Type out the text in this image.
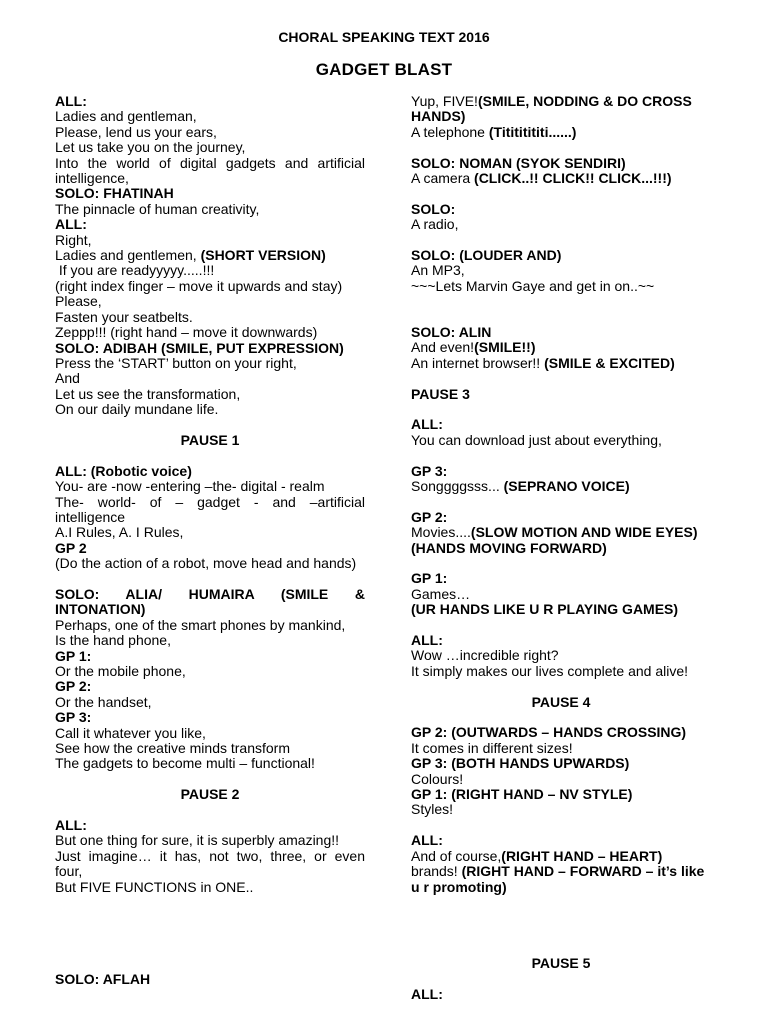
CHORAL SPEAKING TEXT 2016
GADGET BLAST
ALL:
Ladies and gentleman,
Please, lend us your ears,
Let us take you on the journey,
Into the world of digital gadgets and artificial
intelligence,
SOLO: FHATINAH
The pinnacle of human creativity,
ALL:
Right,
Ladies and gentlemen, (SHORT VERSION)
If you are readyyyyy.....!!!
(right index finger – move it upwards and stay)
Please,
Fasten your seatbelts.
Zeppp!!! (right hand – move it downwards)
SOLO: ADIBAH (SMILE, PUT EXPRESSION)
Press the ‘START’ button on your right,
And
Let us see the transformation,
On our daily mundane life.
PAUSE 1
ALL: (Robotic voice)
You- are -now -entering –the- digital - realm
The- world- of – gadget - and –artificial
intelligence
A.I Rules, A. I Rules,
GP 2
(Do the action of a robot, move head and hands)
SOLO: ALIA/ HUMAIRA (SMILE &
INTONATION)
Perhaps, one of the smart phones by mankind,
Is the hand phone,
GP 1:
Or the mobile phone,
GP 2:
Or the handset,
GP 3:
Call it whatever you like,
See how the creative minds transform
The gadgets to become multi – functional!
PAUSE 2
ALL:
But one thing for sure, it is superbly amazing!!
Just imagine… it has, not two, three, or even
four,
But FIVE FUNCTIONS in ONE..
SOLO: AFLAH
Yup, FIVE!(SMILE, NODDING & DO CROSS
HANDS)
A telephone (Titititititi......)
SOLO: NOMAN (SYOK SENDIRI)
A camera (CLICK..!! CLICK!! CLICK...!!!)
SOLO:
A radio,
SOLO: (LOUDER AND)
An MP3,
~~~Lets Marvin Gaye and get in on..~~
SOLO: ALIN
And even!(SMILE!!)
An internet browser!! (SMILE & EXCITED)
PAUSE 3
ALL:
You can download just about everything,
GP 3:
Songgggsss... (SEPRANO VOICE)
GP 2:
Movies....(SLOW MOTION AND WIDE EYES)
(HANDS MOVING FORWARD)
GP 1:
Games…
(UR HANDS LIKE U R PLAYING GAMES)
ALL:
Wow …incredible right?
It simply makes our lives complete and alive!
PAUSE 4
GP 2: (OUTWARDS – HANDS CROSSING)
It comes in different sizes!
GP 3: (BOTH HANDS UPWARDS)
Colours!
GP 1: (RIGHT HAND – NV STYLE)
Styles!
ALL:
And of course,(RIGHT HAND – HEART)
brands! (RIGHT HAND – FORWARD – it’s like
u r promoting)
PAUSE 5
ALL:
